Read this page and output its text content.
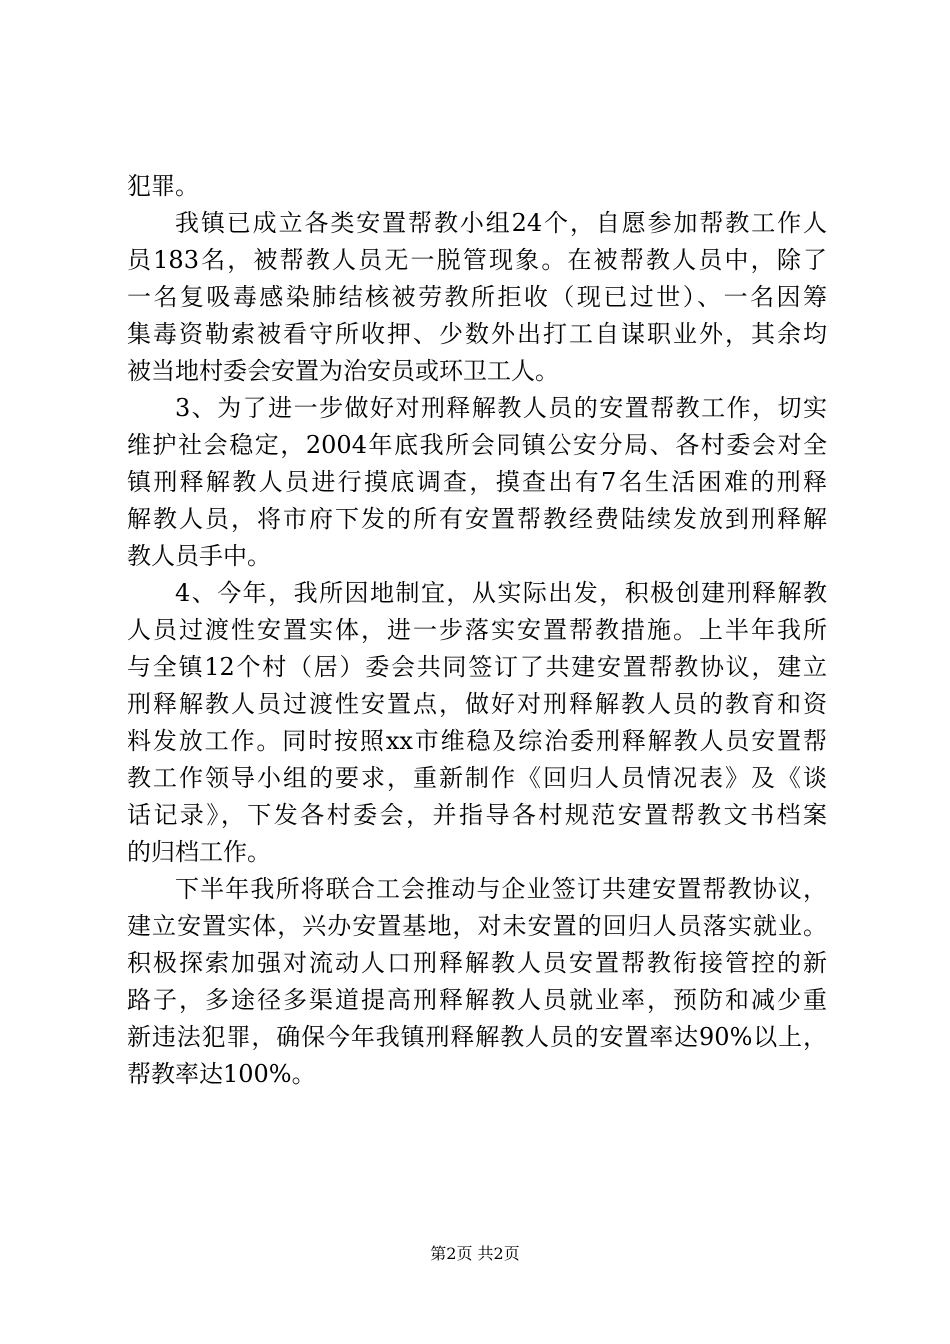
犯罪。
我镇已成立各类安置帮教小组24个，自愿参加帮教工作人
员183名，被帮教人员无一脱管现象。在被帮教人员中，除了
一名复吸毒感染肺结核被劳教所拒收（现已过世）、一名因筹
集毒资勒索被看守所收押、少数外出打工自谋职业外，其余均
被当地村委会安置为治安员或环卫工人。
3、为了进一步做好对刑释解教人员的安置帮教工作，切实
维护社会稳定，2004年底我所会同镇公安分局、各村委会对全
镇刑释解教人员进行摸底调查，摸查出有7名生活困难的刑释
解教人员，将市府下发的所有安置帮教经费陆续发放到刑释解
教人员手中。
4、今年，我所因地制宜，从实际出发，积极创建刑释解教
人员过渡性安置实体，进一步落实安置帮教措施。上半年我所
与全镇12个村（居）委会共同签订了共建安置帮教协议，建立
刑释解教人员过渡性安置点，做好对刑释解教人员的教育和资
料发放工作。同时按照xx市维稳及综治委刑释解教人员安置帮
教工作领导小组的要求，重新制作《回归人员情况表》及《谈
话记录》，下发各村委会，并指导各村规范安置帮教文书档案
的归档工作。
下半年我所将联合工会推动与企业签订共建安置帮教协议，
建立安置实体，兴办安置基地，对未安置的回归人员落实就业。
积极探索加强对流动人口刑释解教人员安置帮教衔接管控的新
路子，多途径多渠道提高刑释解教人员就业率，预防和减少重
新违法犯罪，确保今年我镇刑释解教人员的安置率达90%以上，
帮教率达100%。
第2页 共2页
